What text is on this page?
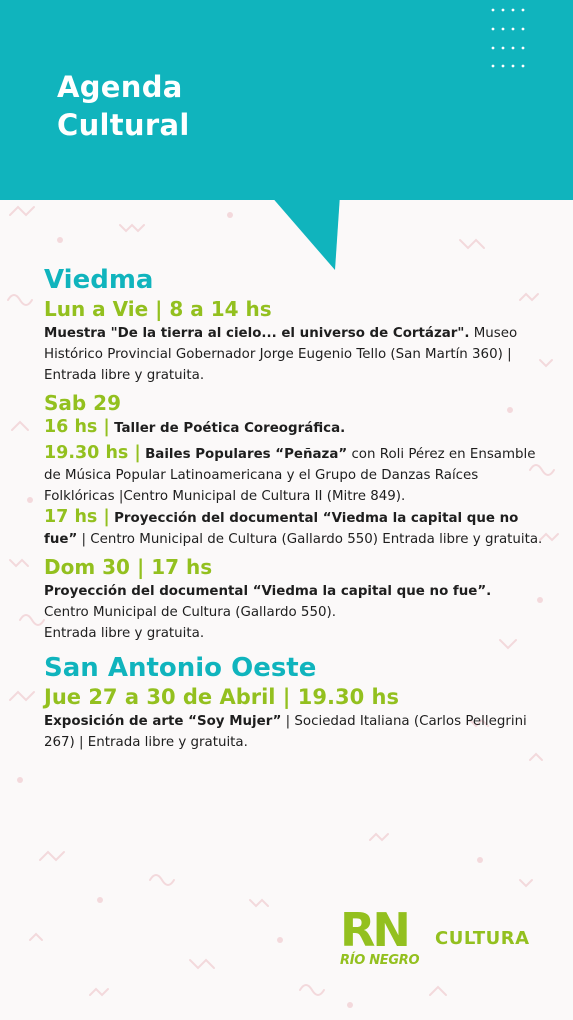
Agenda
Cultural
Viedma
Lun a Vie | 8 a 14 hs

Muestra "De la tierra al cielo... el universo de Cortázar". Museo Histórico Provincial Gobernador Jorge Eugenio Tello (San Martín 360) | Entrada libre y gratuita.

Sab 29

16 hs | Taller de Poética Coreográfica.

19.30 hs | Bailes Populares “Peñaza” con Roli Pérez en Ensamble de Música Popular Latinoamericana y el Grupo de Danzas Raíces Folklóricas |Centro Municipal de Cultura II (Mitre 849).

17 hs | Proyección del documental “Viedma la capital que no fue” | Centro Municipal de Cultura (Gallardo 550) Entrada libre y gratuita.

Dom 30 | 17 hs

Proyección del documental “Viedma la capital que no fue”.
Centro Municipal de Cultura (Gallardo 550).
Entrada libre y gratuita.

San Antonio Oeste
Jue 27 a 30 de Abril | 19.30 hs

Exposición de arte “Soy Mujer” | Sociedad Italiana (Carlos Pellegrini 267) | Entrada libre y gratuita.

RN
RÍO NEGRO
CULTURA
